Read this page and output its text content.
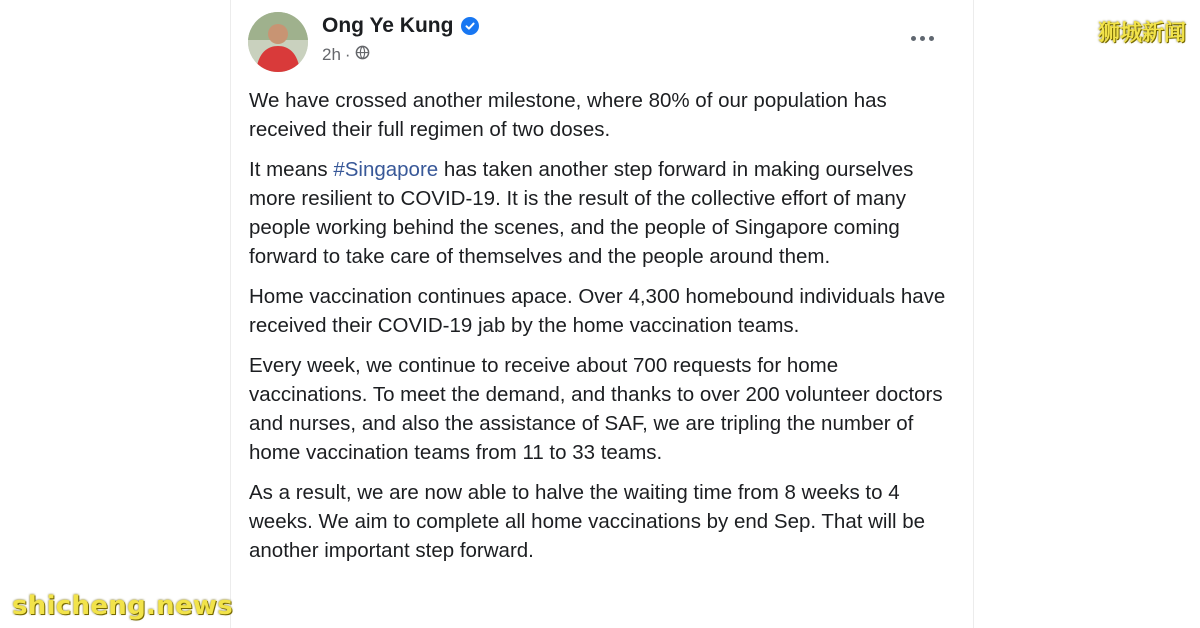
Ong Ye Kung
2h ·

We have crossed another milestone, where 80% of our population has received their full regimen of two doses.

It means #Singapore has taken another step forward in making ourselves more resilient to COVID-19. It is the result of the collective effort of many people working behind the scenes, and the people of Singapore coming forward to take care of themselves and the people around them.

Home vaccination continues apace. Over 4,300 homebound individuals have received their COVID-19 jab by the home vaccination teams.

Every week, we continue to receive about 700 requests for home vaccinations. To meet the demand, and thanks to over 200 volunteer doctors and nurses, and also the assistance of SAF, we are tripling the number of home vaccination teams from 11 to 33 teams.

As a result, we are now able to halve the waiting time from 8 weeks to 4 weeks. We aim to complete all home vaccinations by end Sep. That will be another important step forward.

狮城新闻
shicheng.news
